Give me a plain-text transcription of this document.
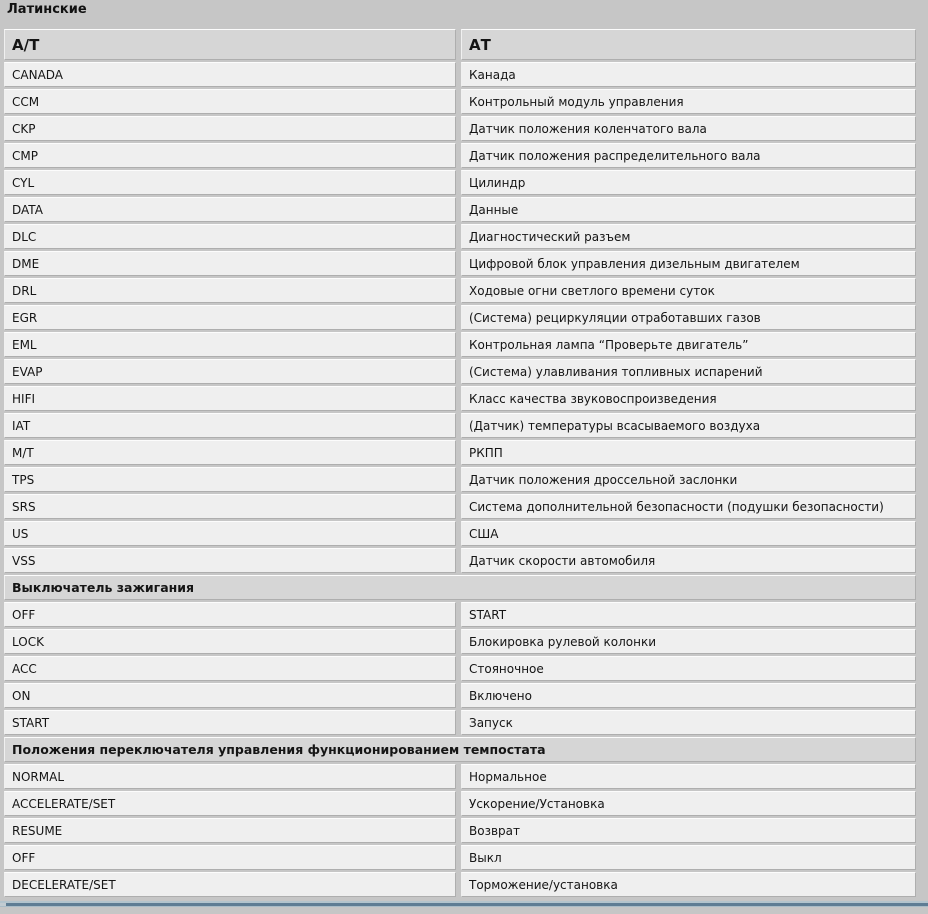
Латинские
A/T	АТ
CANADA	Канада
CCM	Контрольный модуль управления
CKP	Датчик положения коленчатого вала
CMP	Датчик положения распределительного вала
CYL	Цилиндр
DATA	Данные
DLC	Диагностический разъем
DME	Цифровой блок управления дизельным двигателем
DRL	Ходовые огни светлого времени суток
EGR	(Система) рециркуляции отработавших газов
EML	Контрольная лампа “Проверьте двигатель”
EVAP	(Система) улавливания топливных испарений
HIFI	Класс качества звуковоспроизведения
IAT	(Датчик) температуры всасываемого воздуха
M/T	РКПП
TPS	Датчик положения дроссельной заслонки
SRS	Система дополнительной безопасности (подушки безопасности)
US	США
VSS	Датчик скорости автомобиля
Выключатель зажигания
OFF	START
LOCK	Блокировка рулевой колонки
ACC	Стояночное
ON	Включено
START	Запуск
Положения переключателя управления функционированием темпостата
NORMAL	Нормальное
ACCELERATE/SET	Ускорение/Установка
RESUME	Возврат
OFF	Выкл
DECELERATE/SET	Торможение/установка
